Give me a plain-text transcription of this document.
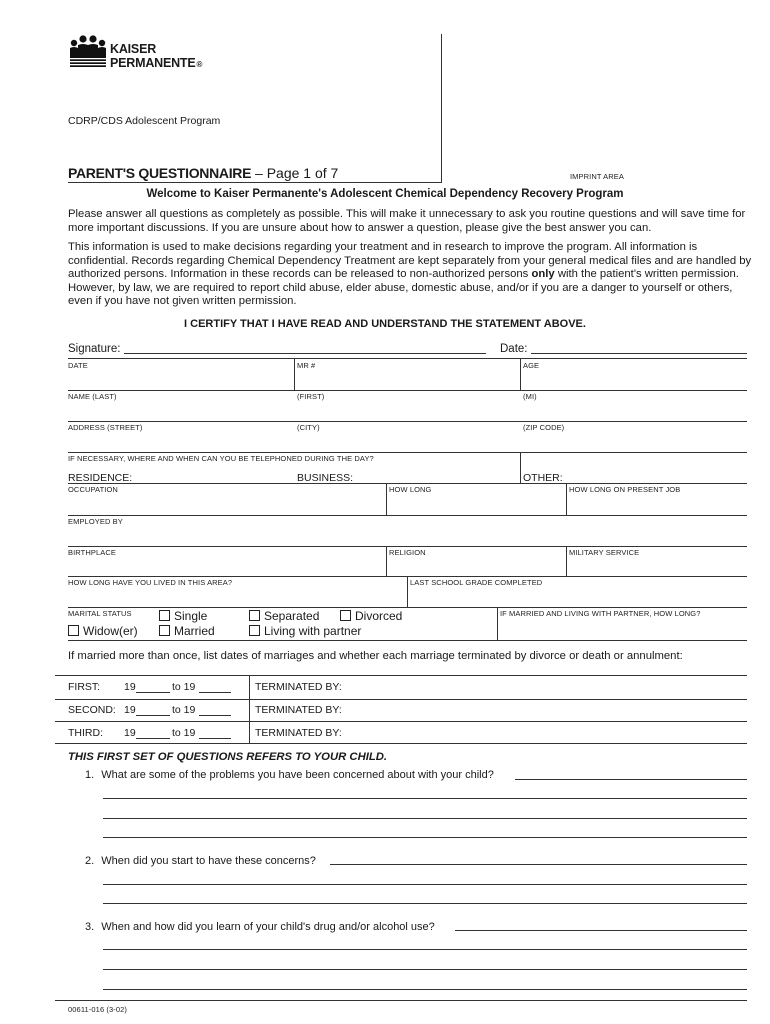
KAISER
PERMANENTE®
CDRP/CDS Adolescent Program
PARENT'S QUESTIONNAIRE – Page 1 of 7	IMPRINT AREA
Welcome to Kaiser Permanente's Adolescent Chemical Dependency Recovery Program
Please answer all questions as completely as possible. This will make it unnecessary to ask you routine questions and will save time for more important discussions. If you are unsure about how to answer a question, please give the best answer you can.
This information is used to make decisions regarding your treatment and in research to improve the program. All information is confidential. Records regarding Chemical Dependency Treatment are kept separately from your general medical files and are handled by authorized persons. Information in these records can be released to non-authorized persons only with the patient's written permission. However, by law, we are required to report child abuse, elder abuse, domestic abuse, and/or if you are a danger to yourself or others, even if you have not given written permission.
I CERTIFY THAT I HAVE READ AND UNDERSTAND THE STATEMENT ABOVE.
Signature:	Date:
DATE	MR #	AGE
NAME (LAST)	(FIRST)	(MI)
ADDRESS (STREET)	(CITY)	(ZIP CODE)
IF NECESSARY, WHERE AND WHEN CAN YOU BE TELEPHONED DURING THE DAY?
RESIDENCE:	BUSINESS:	OTHER:
OCCUPATION	HOW LONG	HOW LONG ON PRESENT JOB
EMPLOYED BY
BIRTHPLACE	RELIGION	MILITARY SERVICE
HOW LONG HAVE YOU LIVED IN THIS AREA?	LAST SCHOOL GRADE COMPLETED
MARITAL STATUS	IF MARRIED AND LIVING WITH PARTNER, HOW LONG?
Single	Separated	Divorced
Widow(er)	Married	Living with partner
If married more than once, list dates of marriages and whether each marriage terminated by divorce or death or annulment:
FIRST: 19	to 19	TERMINATED BY:
SECOND: 19	to 19	TERMINATED BY:
THIRD: 19	to 19	TERMINATED BY:
THIS FIRST SET OF QUESTIONS REFERS TO YOUR CHILD.
1. What are some of the problems you have been concerned about with your child?
2. When did you start to have these concerns?
3. When and how did you learn of your child's drug and/or alcohol use?
00611-016 (3-02)
